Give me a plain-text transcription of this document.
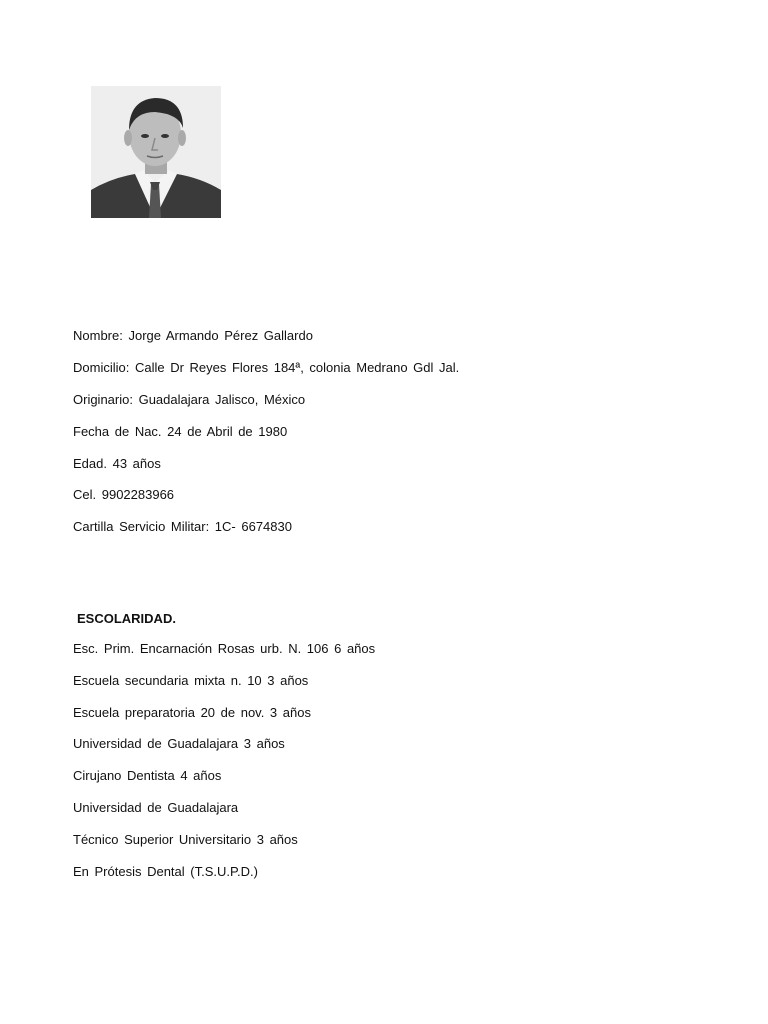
Nombre: Jorge Armando Pérez Gallardo
Domicilio: Calle Dr Reyes Flores 184ª, colonia Medrano Gdl Jal.
Originario: Guadalajara Jalisco, México
Fecha de Nac. 24 de Abril de 1980
Edad. 43 años
Cel. 9902283966
Cartilla Servicio Militar: 1C- 6674830
ESCOLARIDAD.
Esc. Prim. Encarnación Rosas urb. N. 106 6 años
Escuela secundaria mixta n. 10 3 años
Escuela preparatoria 20 de nov. 3 años
Universidad de Guadalajara 3 años
Cirujano Dentista 4 años
Universidad de Guadalajara
Técnico Superior Universitario 3 años
En Prótesis Dental (T.S.U.P.D.)
